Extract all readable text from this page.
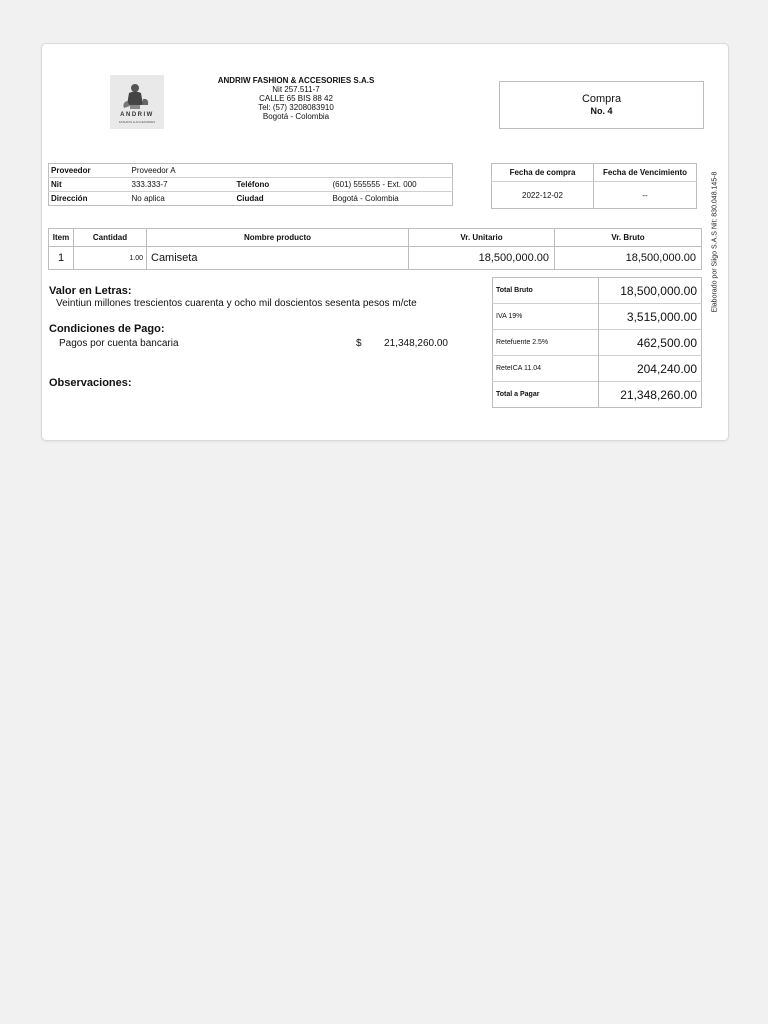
ANDRIW
FASHION & ACCESORIES
ANDRIW FASHION & ACCESORIES S.A.S
Nit 257.511-7
CALLE 65 BIS 88 42
Tel: (57) 3208083910
Bogotá - Colombia
Compra
No. 4
Proveedor	Proveedor A		
Nit	333.333-7	Teléfono	(601) 555555 - Ext. 000
Dirección	No aplica	Ciudad	Bogotá - Colombia
Fecha de compra	Fecha de Vencimiento
2022-12-02	--
Item	Cantidad	Nombre producto	Vr. Unitario	Vr. Bruto
1	1.00	Camiseta	18,500,000.00	18,500,000.00
Valor en Letras:
Veintiun millones trescientos cuarenta y ocho mil doscientos sesenta pesos m/cte
Condiciones de Pago:
Pagos por cuenta bancaria	$	21,348,260.00
Observaciones:
Total Bruto	18,500,000.00
IVA 19%	3,515,000.00
Retefuente 2.5%	462,500.00
ReteICA 11.04	204,240.00
Total a Pagar	21,348,260.00
Elaborado por Siigo S.A.S Nit: 830.048.145-8
